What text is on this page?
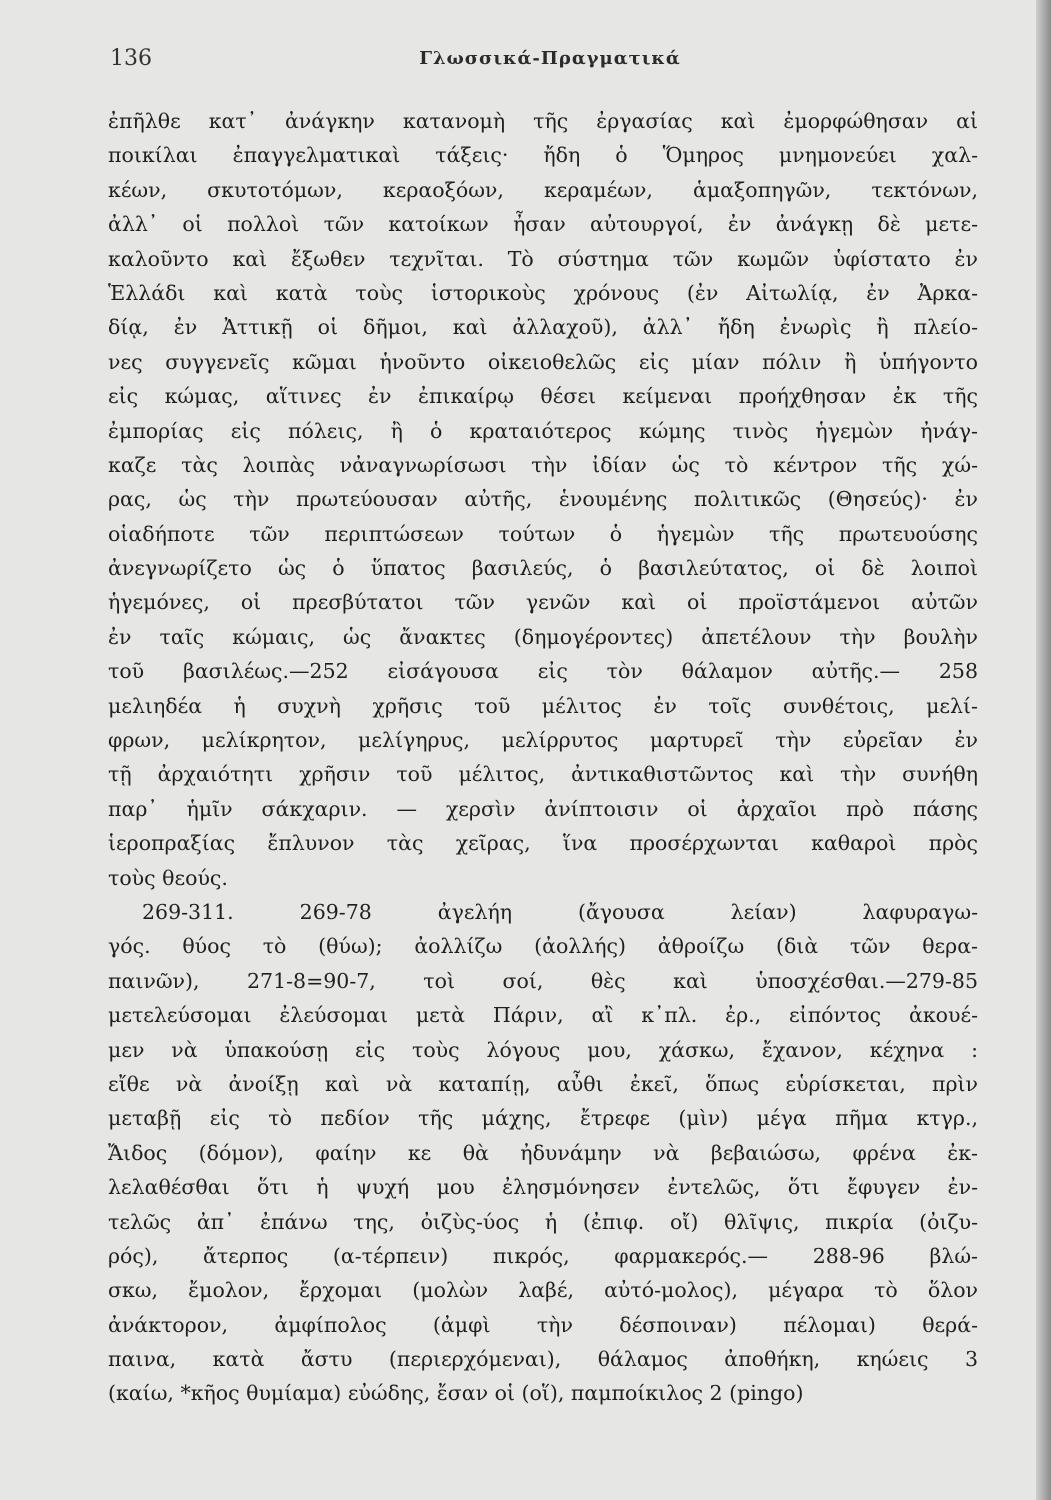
136	Γλωσσικά-Πραγματικά
ἐπῆλθε κατ᾽ ἀνάγκην κατανομὴ τῆς ἐργασίας καὶ ἐμορφώθησαν αἱ
ποικίλαι ἐπαγγελματικαὶ τάξεις· ἤδη ὁ Ὅμηρος μνημονεύει χαλ-
κέων, σκυτοτόμων, κεραοξόων, κεραμέων, ἁμαξοπηγῶν, τεκτόνων,
ἀλλ᾽ οἱ πολλοὶ τῶν κατοίκων ἦσαν αὐτουργοί, ἐν ἀνάγκῃ δὲ μετε-
καλοῦντο καὶ ἔξωθεν τεχνῖται. Τὸ σύστημα τῶν κωμῶν ὑφίστατο ἐν
Ἑλλάδι καὶ κατὰ τοὺς ἱστορικοὺς χρόνους (ἐν Αἰτωλίᾳ, ἐν Ἀρκα-
δίᾳ, ἐν Ἀττικῇ οἱ δῆμοι, καὶ ἀλλαχοῦ), ἀλλ᾽ ἤδη ἐνωρὶς ἢ πλείο-
νες συγγενεῖς κῶμαι ἡνοῦντο οἰκειοθελῶς εἰς μίαν πόλιν ἢ ὑπήγοντο
εἰς κώμας, αἵτινες ἐν ἐπικαίρῳ θέσει κείμεναι προήχθησαν ἐκ τῆς
ἐμπορίας εἰς πόλεις, ἢ ὁ κραταιότερος κώμης τινὸς ἡγεμὼν ἠνάγ-
καζε τὰς λοιπὰς νἀναγνωρίσωσι τὴν ἰδίαν ὡς τὸ κέντρον τῆς χώ-
ρας, ὡς τὴν πρωτεύουσαν αὐτῆς, ἑνουμένης πολιτικῶς (Θησεύς)· ἐν
οἱαδήποτε τῶν περιπτώσεων τούτων ὁ ἡγεμὼν τῆς πρωτευούσης
ἀνεγνωρίζετο ὡς ὁ ὕπατος βασιλεύς, ὁ βασιλεύτατος, οἱ δὲ λοιποὶ
ἡγεμόνες, οἱ πρεσβύτατοι τῶν γενῶν καὶ οἱ προϊστάμενοι αὐτῶν
ἐν ταῖς κώμαις, ὡς ἄνακτες (δημογέροντες) ἀπετέλουν τὴν βουλὴν
τοῦ βασιλέως.—252 εἰσάγουσα εἰς τὸν θάλαμον αὐτῆς.— 258
μελιηδέα ἡ συχνὴ χρῆσις τοῦ μέλιτος ἐν τοῖς συνθέτοις, μελί-
φρων, μελίκρητον, μελίγηρυς, μελίρρυτος μαρτυρεῖ τὴν εὐρεῖαν ἐν
τῇ ἀρχαιότητι χρῆσιν τοῦ μέλιτος, ἀντικαθιστῶντος καὶ τὴν συνήθη
παρ᾽ ἡμῖν σάκχαριν. — χερσὶν ἀνίπτοισιν οἱ ἀρχαῖοι πρὸ πάσης
ἱεροπραξίας ἔπλυνον τὰς χεῖρας, ἵνα προσέρχωνται καθαροὶ πρὸς
τοὺς θεούς.
269-311. 269-78 ἀγελήη (ἄγουσα λείαν) λαφυραγω-
γός. θύος τὸ (θύω); ἀολλίζω (ἀολλής) ἀθροίζω (διὰ τῶν θερα-
παινῶν), 271-8=90-7, τοὶ σοί, θὲς καὶ ὑποσχέσθαι.—279-85
μετελεύσομαι ἐλεύσομαι μετὰ Πάριν, αἲ κ᾽πλ. ἐρ., εἰπόντος ἀκουέ-
μεν νὰ ὑπακούσῃ εἰς τοὺς λόγους μου, χάσκω, ἔχανον, κέχηνα :
εἴθε νὰ ἀνοίξῃ καὶ νὰ καταπίῃ, αὖθι ἐκεῖ, ὅπως εὑρίσκεται, πρὶν
μεταβῇ εἰς τὸ πεδίον τῆς μάχης, ἔτρεφε (μὶν) μέγα πῆμα κτγρ.,
Ἄιδος (δόμον), φαίην κε θὰ ἠδυνάμην νὰ βεβαιώσω, φρένα ἐκ-
λελαθέσθαι ὅτι ἡ ψυχή μου ἐλησμόνησεν ἐντελῶς, ὅτι ἔφυγεν ἐν-
τελῶς ἀπ᾽ ἐπάνω της, ὀιζὺς-ύος ἡ (ἐπιφ. οἴ) θλῖψις, πικρία (ὀιζυ-
ρός), ἄτερπος (α-τέρπειν) πικρός, φαρμακερός.— 288-96 βλώ-
σκω, ἔμολον, ἔρχομαι (μολὼν λαβέ, αὐτό-μολος), μέγαρα τὸ ὅλον
ἀνάκτορον, ἀμφίπολος (ἀμφὶ τὴν δέσποιναν) πέλομαι) θερά-
παινα, κατὰ ἄστυ (περιερχόμεναι), θάλαμος ἀποθήκη, κηώεις 3
(καίω, *κῆος θυμίαμα) εὐώδης, ἔσαν οἱ (οἵ), παμποίκιλος 2 (pingo)
